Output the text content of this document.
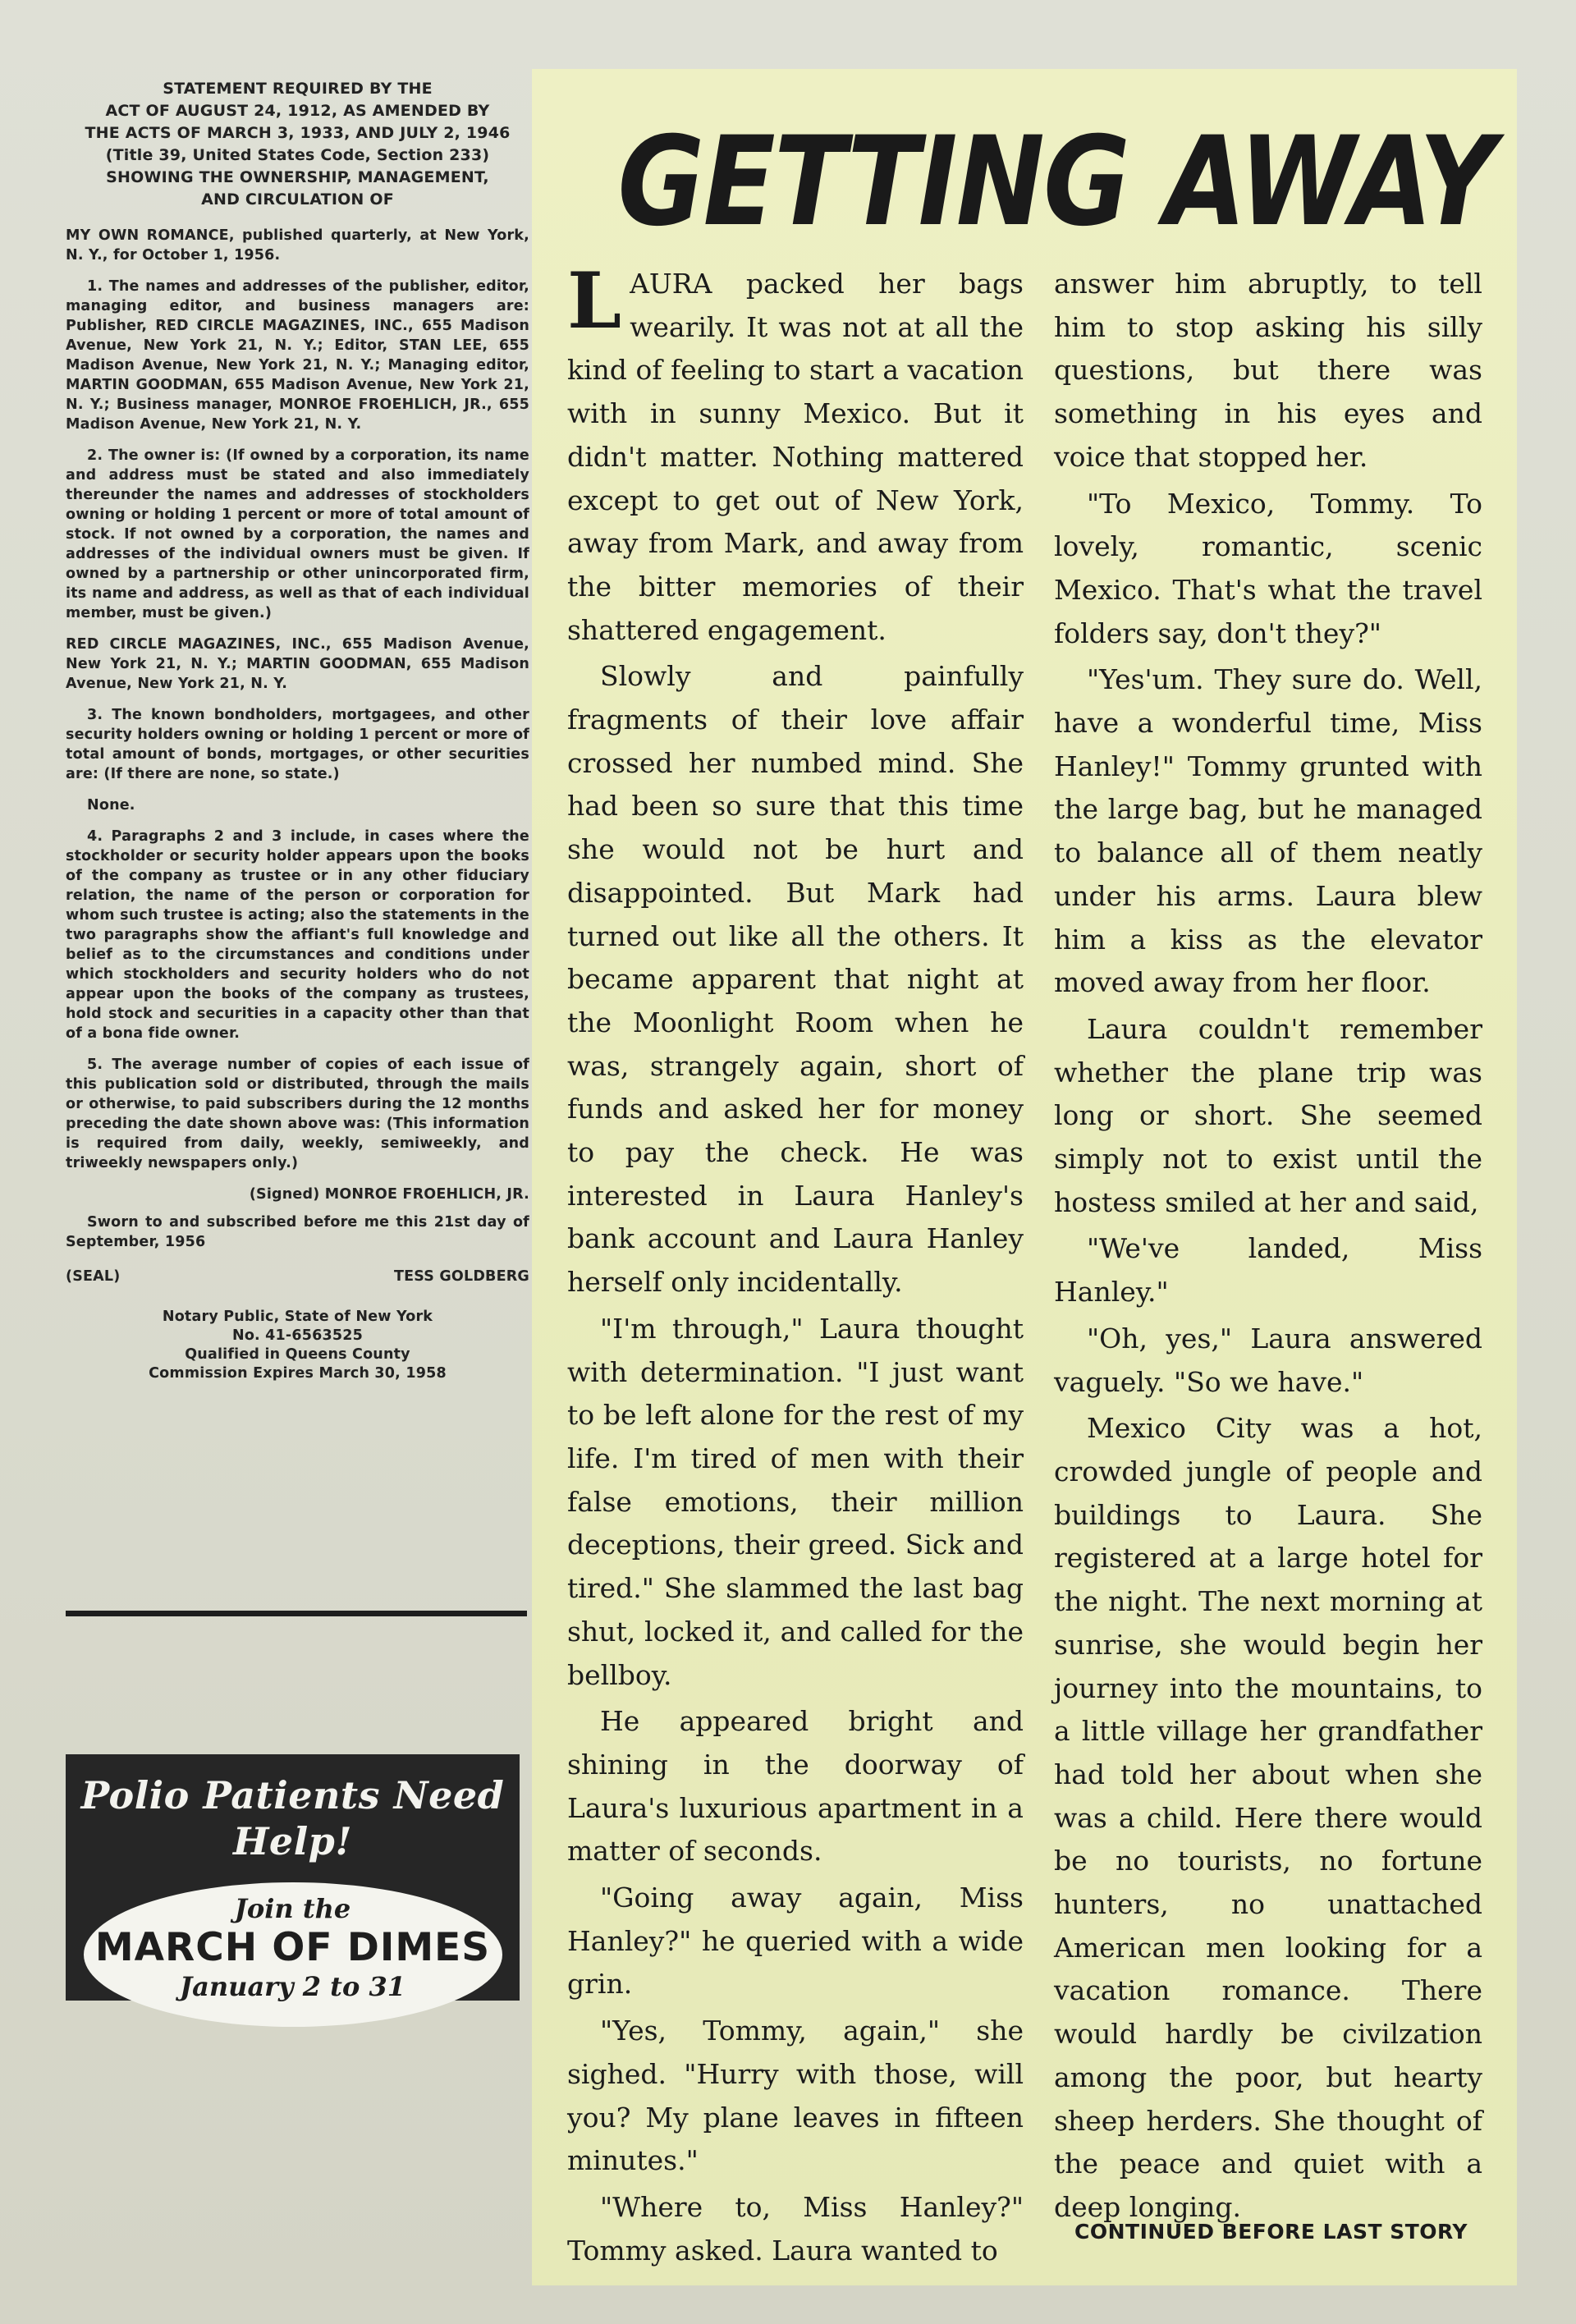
STATEMENT REQUIRED BY THE
ACT OF AUGUST 24, 1912, AS AMENDED BY
THE ACTS OF MARCH 3, 1933, AND JULY 2, 1946
(Title 39, United States Code, Section 233)
SHOWING THE OWNERSHIP, MANAGEMENT,
AND CIRCULATION OF

MY OWN ROMANCE, published quarterly, at New York, N. Y., for October 1, 1956.

1. The names and addresses of the publisher, editor, managing editor, and business managers are: Publisher, RED CIRCLE MAGAZINES, INC., 655 Madison Avenue, New York 21, N. Y.; Editor, STAN LEE, 655 Madison Avenue, New York 21, N. Y.; Managing editor, MARTIN GOODMAN, 655 Madison Avenue, New York 21, N. Y.; Business manager, MONROE FROEHLICH, JR., 655 Madison Avenue, New York 21, N. Y.

2. The owner is: (If owned by a corporation, its name and address must be stated and also immediately thereunder the names and addresses of stockholders owning or holding 1 percent or more of total amount of stock. If not owned by a corporation, the names and addresses of the individual owners must be given. If owned by a partnership or other unincorporated firm, its name and address, as well as that of each individual member, must be given.)

RED CIRCLE MAGAZINES, INC., 655 Madison Avenue, New York 21, N. Y.; MARTIN GOODMAN, 655 Madison Avenue, New York 21, N. Y.

3. The known bondholders, mortgagees, and other security holders owning or holding 1 percent or more of total amount of bonds, mortgages, or other securities are: (If there are none, so state.)

None.

4. Paragraphs 2 and 3 include, in cases where the stockholder or security holder appears upon the books of the company as trustee or in any other fiduciary relation, the name of the person or corporation for whom such trustee is acting; also the statements in the two paragraphs show the affiant's full knowledge and belief as to the circumstances and conditions under which stockholders and security holders who do not appear upon the books of the company as trustees, hold stock and securities in a capacity other than that of a bona fide owner.

5. The average number of copies of each issue of this publication sold or distributed, through the mails or otherwise, to paid subscribers during the 12 months preceding the date shown above was: (This information is required from daily, weekly, semiweekly, and triweekly newspapers only.)

(Signed) MONROE FROEHLICH, JR.

Sworn to and subscribed before me this 21st day of September, 1956

(SEAL)	TESS GOLDBERG
Notary Public, State of New York
No. 41-6563525
Qualified in Queens County
Commission Expires March 30, 1958
Polio Patients Need Help!
Join the
MARCH OF DIMES
January 2 to 31
GETTING AWAY

LAURA packed her bags wearily. It was not at all the kind of feeling to start a vacation with in sunny Mexico. But it didn't matter. Nothing mattered except to get out of New York, away from Mark, and away from the bitter memories of their shattered engagement.

Slowly and painfully fragments of their love affair crossed her numbed mind. She had been so sure that this time she would not be hurt and disappointed. But Mark had turned out like all the others. It became apparent that night at the Moonlight Room when he was, strangely again, short of funds and asked her for money to pay the check. He was interested in Laura Hanley's bank account and Laura Hanley herself only incidentally.

"I'm through," Laura thought with determination. "I just want to be left alone for the rest of my life. I'm tired of men with their false emotions, their million deceptions, their greed. Sick and tired." She slammed the last bag shut, locked it, and called for the bellboy.

He appeared bright and shining in the doorway of Laura's luxurious apartment in a matter of seconds.

"Going away again, Miss Hanley?" he queried with a wide grin.

"Yes, Tommy, again," she sighed. "Hurry with those, will you? My plane leaves in fifteen minutes."

"Where to, Miss Hanley?" Tommy asked. Laura wanted to

answer him abruptly, to tell him to stop asking his silly questions, but there was something in his eyes and voice that stopped her.

"To Mexico, Tommy. To lovely, romantic, scenic Mexico. That's what the travel folders say, don't they?"

"Yes'um. They sure do. Well, have a wonderful time, Miss Hanley!" Tommy grunted with the large bag, but he managed to balance all of them neatly under his arms. Laura blew him a kiss as the elevator moved away from her floor.

Laura couldn't remember whether the plane trip was long or short. She seemed simply not to exist until the hostess smiled at her and said,

"We've landed, Miss Hanley."

"Oh, yes," Laura answered vaguely. "So we have."

Mexico City was a hot, crowded jungle of people and buildings to Laura. She registered at a large hotel for the night. The next morning at sunrise, she would begin her journey into the mountains, to a little village her grandfather had told her about when she was a child. Here there would be no tourists, no fortune hunters, no unattached American men looking for a vacation romance. There would hardly be civilzation among the poor, but hearty sheep herders. She thought of the peace and quiet with a deep longing.

CONTINUED BEFORE LAST STORY
